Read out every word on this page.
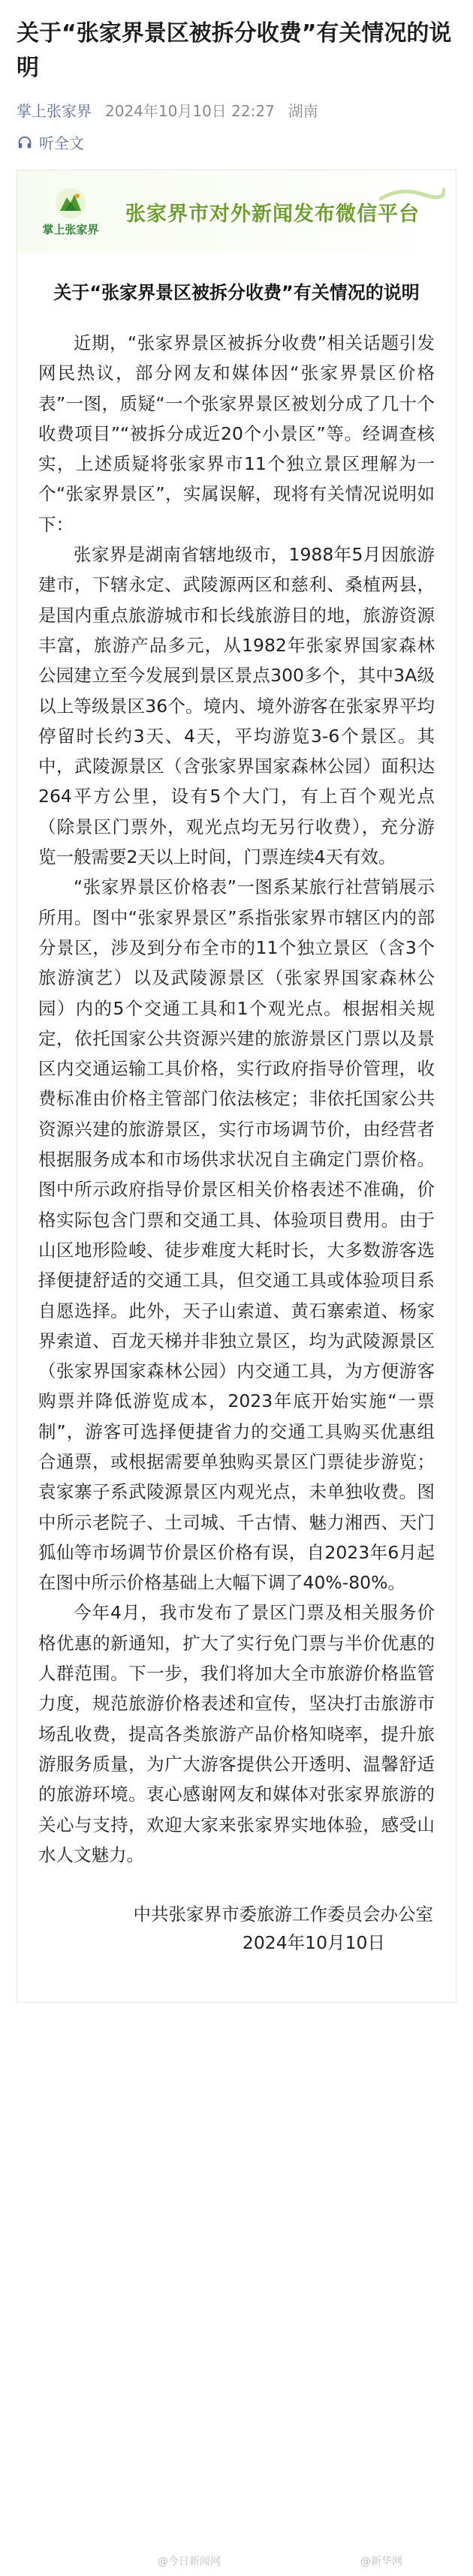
关于“张家界景区被拆分收费”有关情况的说明
掌上张家界 2024年10月10日 22:27 湖南
听全文
掌上张家界
张家界市对外新闻发布微信平台
关于“张家界景区被拆分收费”有关情况的说明

近期，“张家界景区被拆分收费”相关话题引发网民热议，部分网友和媒体因“张家界景区价格表”一图，质疑“一个张家界景区被划分成了几十个收费项目”“被拆分成近20个小景区”等。经调查核实，上述质疑将张家界市11个独立景区理解为一个“张家界景区”，实属误解，现将有关情况说明如下：

张家界是湖南省辖地级市，1988年5月因旅游建市，下辖永定、武陵源两区和慈利、桑植两县，是国内重点旅游城市和长线旅游目的地，旅游资源丰富，旅游产品多元，从1982年张家界国家森林公园建立至今发展到景区景点300多个，其中3A级以上等级景区36个。境内、境外游客在张家界平均停留时长约3天、4天，平均游览3-6个景区。其中，武陵源景区（含张家界国家森林公园）面积达264平方公里，设有5个大门，有上百个观光点（除景区门票外，观光点均无另行收费），充分游览一般需要2天以上时间，门票连续4天有效。

“张家界景区价格表”一图系某旅行社营销展示所用。图中“张家界景区”系指张家界市辖区内的部分景区，涉及到分布全市的11个独立景区（含3个旅游演艺）以及武陵源景区（张家界国家森林公园）内的5个交通工具和1个观光点。根据相关规定，依托国家公共资源兴建的旅游景区门票以及景区内交通运输工具价格，实行政府指导价管理，收费标准由价格主管部门依法核定；非依托国家公共资源兴建的旅游景区，实行市场调节价，由经营者根据服务成本和市场供求状况自主确定门票价格。图中所示政府指导价景区相关价格表述不准确，价格实际包含门票和交通工具、体验项目费用。由于山区地形险峻、徒步难度大耗时长，大多数游客选择便捷舒适的交通工具，但交通工具或体验项目系自愿选择。此外，天子山索道、黄石寨索道、杨家界索道、百龙天梯并非独立景区，均为武陵源景区（张家界国家森林公园）内交通工具，为方便游客购票并降低游览成本，2023年底开始实施“一票制”，游客可选择便捷省力的交通工具购买优惠组合通票，或根据需要单独购买景区门票徒步游览；袁家寨子系武陵源景区内观光点，未单独收费。图中所示老院子、土司城、千古情、魅力湘西、天门狐仙等市场调节价景区价格有误，自2023年6月起在图中所示价格基础上大幅下调了40%-80%。

今年4月，我市发布了景区门票及相关服务价格优惠的新通知，扩大了实行免门票与半价优惠的人群范围。下一步，我们将加大全市旅游价格监管力度，规范旅游价格表述和宣传，坚决打击旅游市场乱收费，提高各类旅游产品价格知晓率，提升旅游服务质量，为广大游客提供公开透明、温馨舒适的旅游环境。衷心感谢网友和媒体对张家界旅游的关心与支持，欢迎大家来张家界实地体验，感受山水人文魅力。

中共张家界市委旅游工作委员会办公室
2024年10月10日
@今日新闻网	@新华网
